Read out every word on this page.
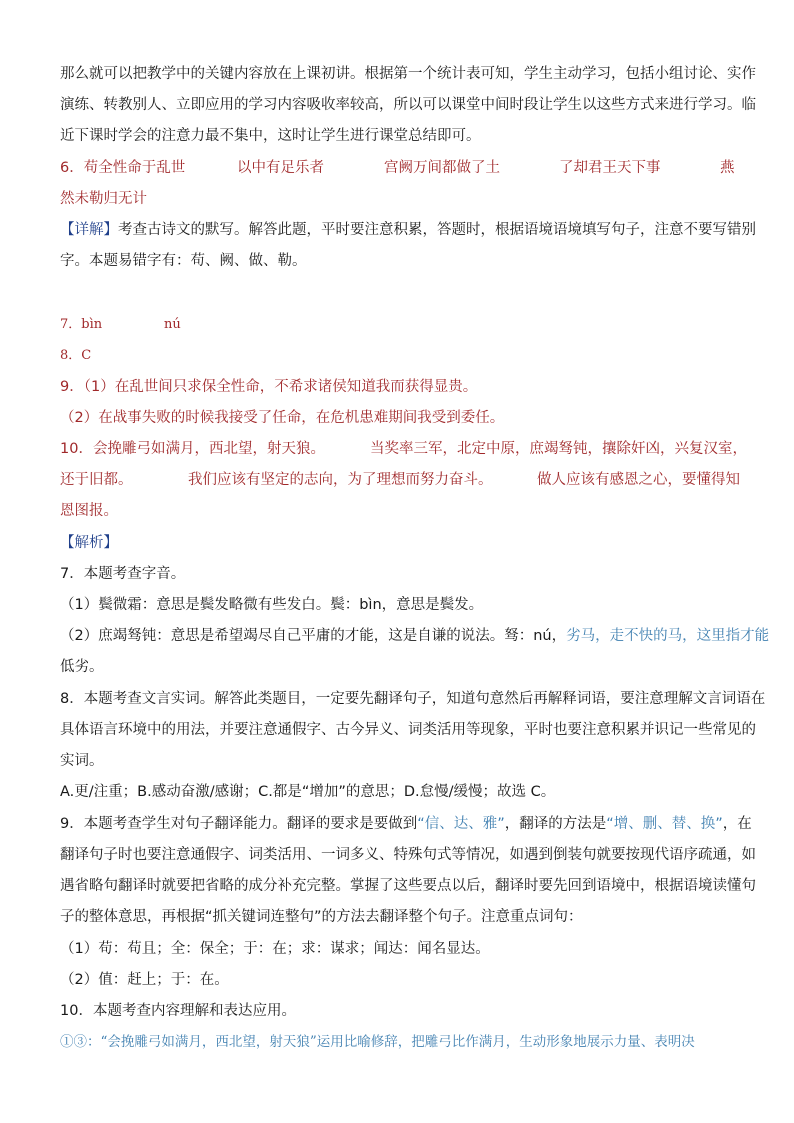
那么就可以把教学中的关键内容放在上课初讲。根据第一个统计表可知，学生主动学习，包括小组讨论、实作
演练、转教别人、立即应用的学习内容吸收率较高，所以可以课堂中间时段让学生以这些方式来进行学习。临
近下课时学会的注意力最不集中，这时让学生进行课堂总结即可。
6．苟全性命于乱世	以中有足乐者	宫阙万间都做了土	了却君王天下事	燕
然未勒归无计
【详解】考查古诗文的默写。解答此题，平时要注意积累，答题时，根据语境语境填写句子，注意不要写错别
字。本题易错字有：苟、阙、做、勒。
7．bìn	nú
8．C
9．（1）在乱世间只求保全性命，不希求诸侯知道我而获得显贵。
（2）在战事失败的时候我接受了任命，在危机患难期间我受到委任。
10．会挽雕弓如满月，西北望，射天狼。	当奖率三军，北定中原，庶竭驽钝，攘除奸凶，兴复汉室，
还于旧都。	我们应该有坚定的志向，为了理想而努力奋斗。	做人应该有感恩之心，要懂得知
恩图报。
【解析】
7．本题考查字音。
（1）鬓微霜：意思是鬓发略微有些发白。鬓：bìn，意思是鬓发。
（2）庶竭驽钝：意思是希望竭尽自己平庸的才能，这是自谦的说法。驽：nú，劣马，走不快的马，这里指才能
低劣。
8．本题考查文言实词。解答此类题目，一定要先翻译句子，知道句意然后再解释词语，要注意理解文言词语在
具体语言环境中的用法，并要注意通假字、古今异义、词类活用等现象，平时也要注意积累并识记一些常见的
实词。
A.更/注重；B.感动奋激/感谢；C.都是“增加”的意思；D.怠慢/缓慢；故选 C。
9．本题考查学生对句子翻译能力。翻译的要求是要做到“信、达、雅”，翻译的方法是“增、删、替、换”，在
翻译句子时也要注意通假字、词类活用、一词多义、特殊句式等情况，如遇到倒装句就要按现代语序疏通，如
遇省略句翻译时就要把省略的成分补充完整。掌握了这些要点以后，翻译时要先回到语境中，根据语境读懂句
子的整体意思，再根据“抓关键词连整句”的方法去翻译整个句子。注意重点词句：
（1）苟：苟且；全：保全；于：在；求：谋求；闻达：闻名显达。
（2）值：赶上；于：在。
10．本题考查内容理解和表达应用。
①③：“会挽雕弓如满月，西北望，射天狼”运用比喻修辞，把雕弓比作满月，生动形象地展示力量、表明决
